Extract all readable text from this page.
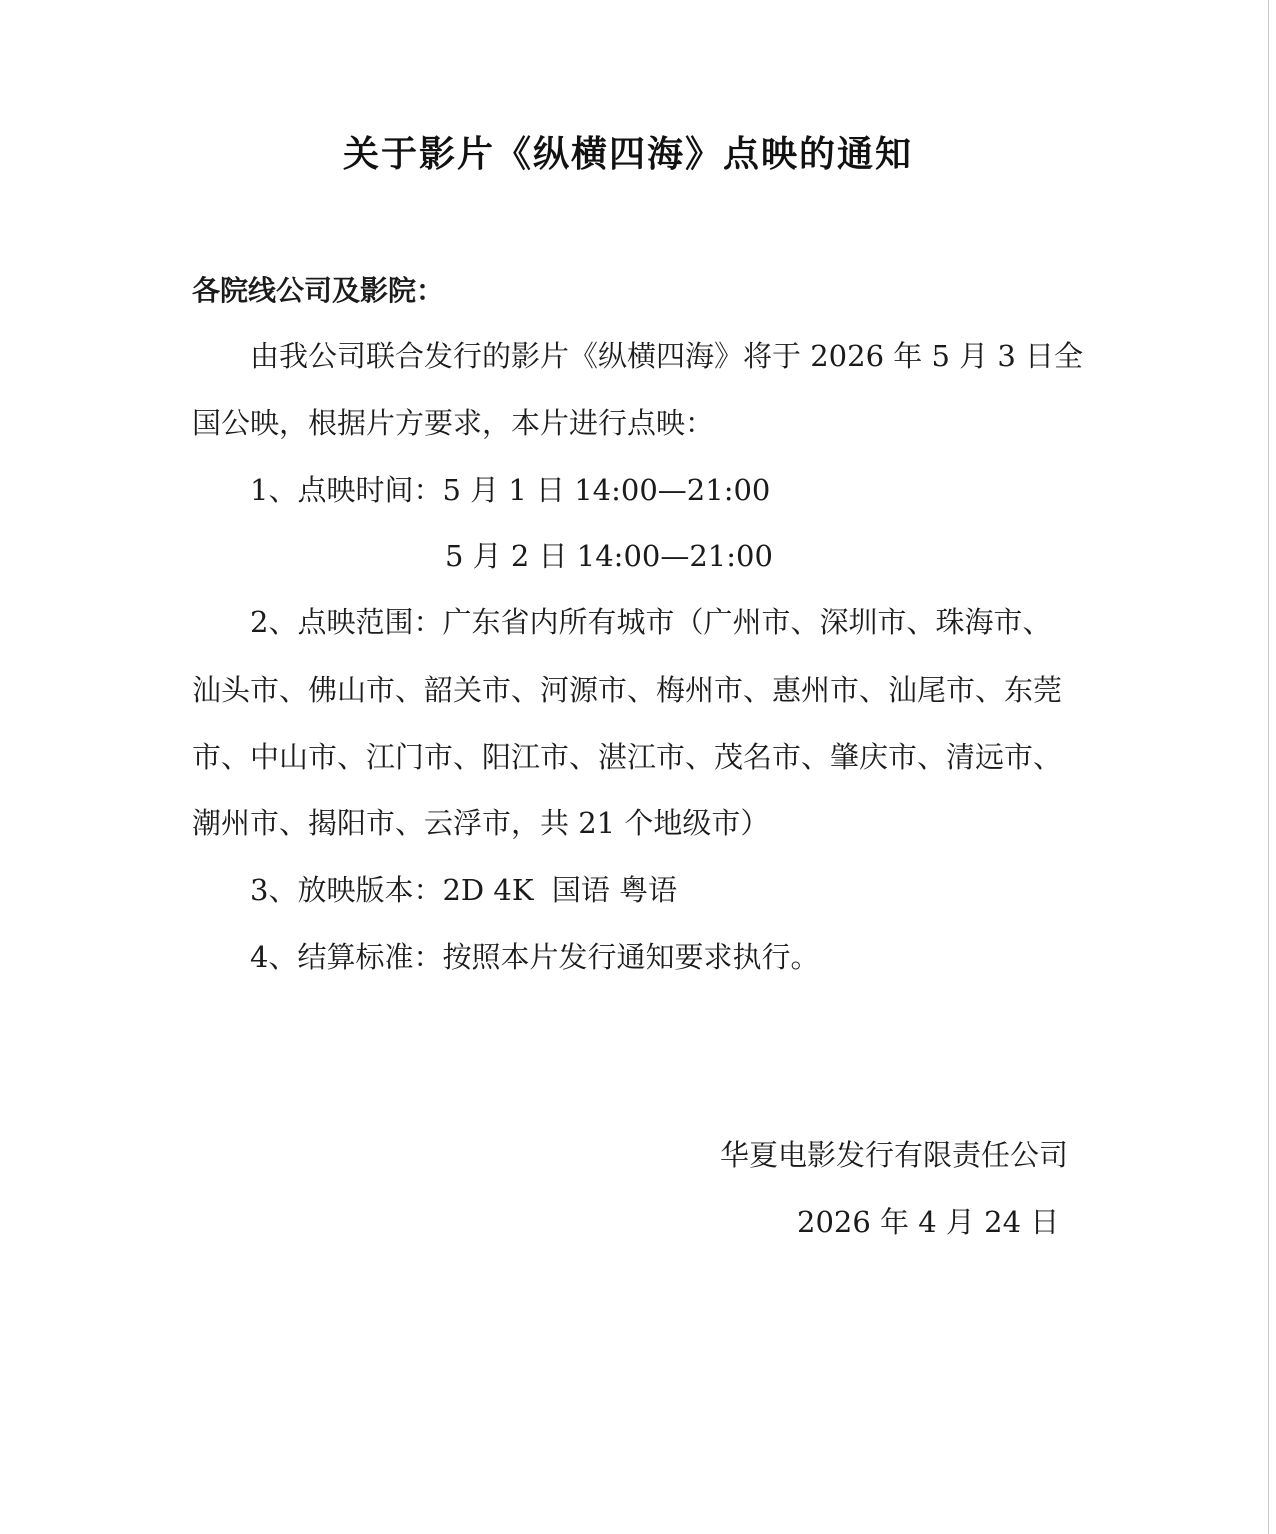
关于影片《纵横四海》点映的通知
各院线公司及影院：
由我公司联合发行的影片《纵横四海》将于 2026 年 5 月 3 日全
国公映，根据片方要求，本片进行点映：
1、点映时间：5 月 1 日 14:00—21:00
5 月 2 日 14:00—21:00
2、点映范围：广东省内所有城市（广州市、深圳市、珠海市、
汕头市、佛山市、韶关市、河源市、梅州市、惠州市、汕尾市、东莞
市、中山市、江门市、阳江市、湛江市、茂名市、肇庆市、清远市、
潮州市、揭阳市、云浮市，共 21 个地级市）
3、放映版本：2D 4K  国语 粤语
4、结算标准：按照本片发行通知要求执行。
华夏电影发行有限责任公司
2026 年 4 月 24 日
